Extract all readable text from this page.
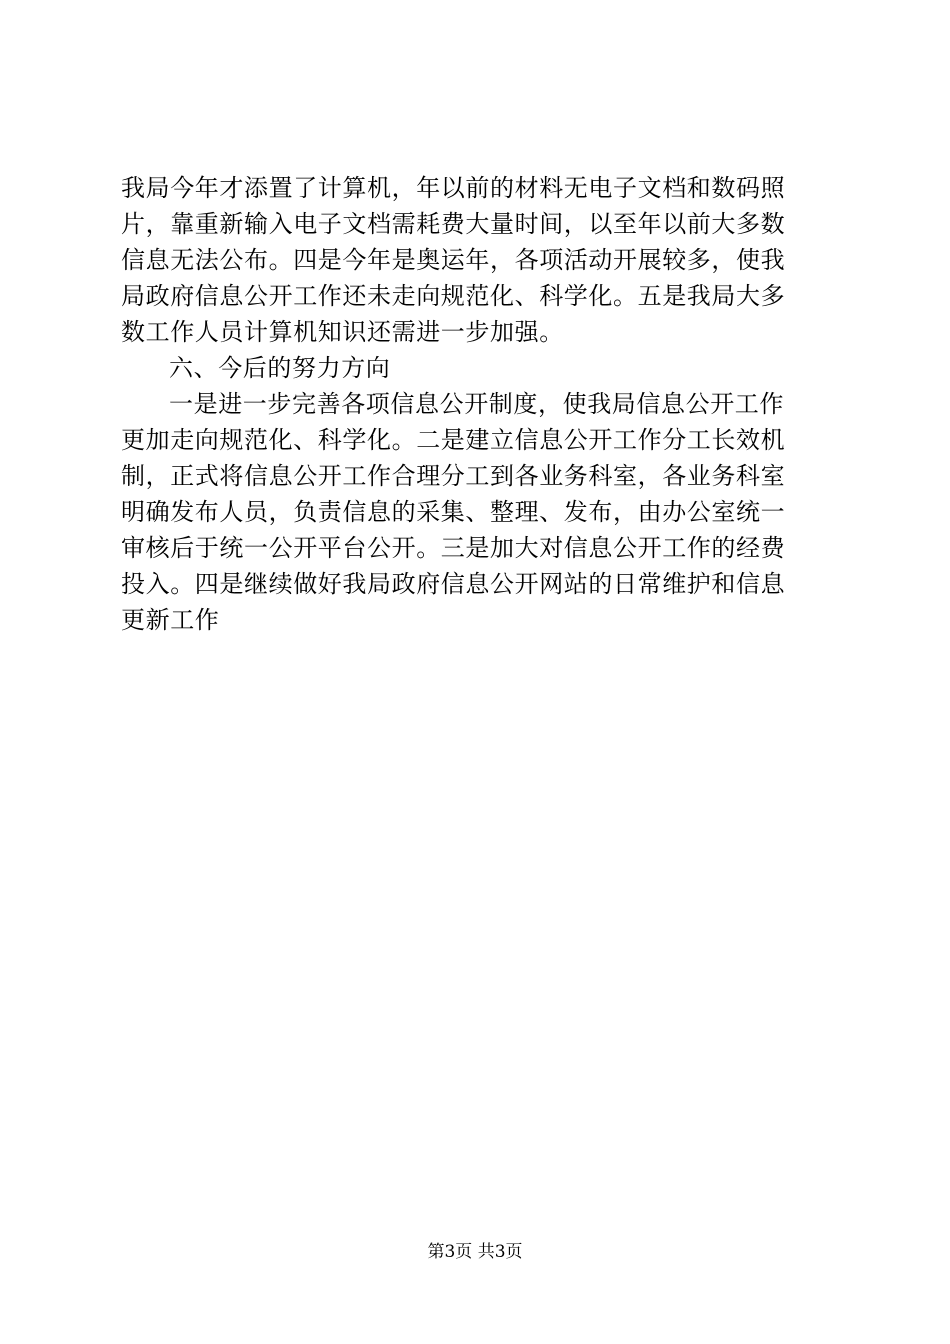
我局今年才添置了计算机，年以前的材料无电子文档和数码照
片，靠重新输入电子文档需耗费大量时间，以至年以前大多数
信息无法公布。四是今年是奥运年，各项活动开展较多，使我
局政府信息公开工作还未走向规范化、科学化。五是我局大多
数工作人员计算机知识还需进一步加强。
六、今后的努力方向
一是进一步完善各项信息公开制度，使我局信息公开工作
更加走向规范化、科学化。二是建立信息公开工作分工长效机
制，正式将信息公开工作合理分工到各业务科室，各业务科室
明确发布人员，负责信息的采集、整理、发布，由办公室统一
审核后于统一公开平台公开。三是加大对信息公开工作的经费
投入。四是继续做好我局政府信息公开网站的日常维护和信息
更新工作
第3页 共3页
